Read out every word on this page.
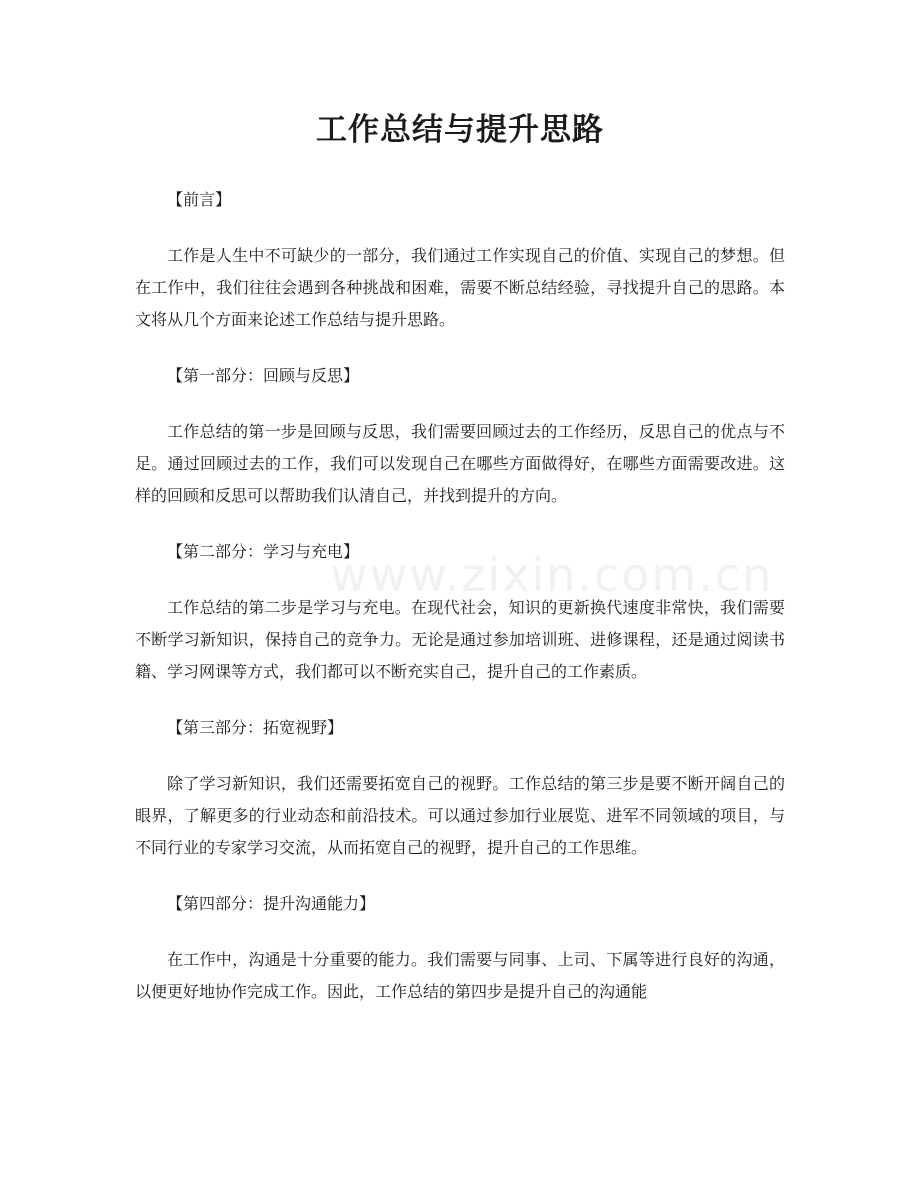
工作总结与提升思路
www.zixin.com.cn

【前言】

工作是人生中不可缺少的一部分，我们通过工作实现自己的价值、实现自己的梦想。但在工作中，我们往往会遇到各种挑战和困难，需要不断总结经验，寻找提升自己的思路。本文将从几个方面来论述工作总结与提升思路。

【第一部分：回顾与反思】

工作总结的第一步是回顾与反思，我们需要回顾过去的工作经历，反思自己的优点与不足。通过回顾过去的工作，我们可以发现自己在哪些方面做得好，在哪些方面需要改进。这样的回顾和反思可以帮助我们认清自己，并找到提升的方向。

【第二部分：学习与充电】

工作总结的第二步是学习与充电。在现代社会，知识的更新换代速度非常快，我们需要不断学习新知识，保持自己的竞争力。无论是通过参加培训班、进修课程，还是通过阅读书籍、学习网课等方式，我们都可以不断充实自己，提升自己的工作素质。

【第三部分：拓宽视野】

除了学习新知识，我们还需要拓宽自己的视野。工作总结的第三步是要不断开阔自己的眼界，了解更多的行业动态和前沿技术。可以通过参加行业展览、进军不同领域的项目，与不同行业的专家学习交流，从而拓宽自己的视野，提升自己的工作思维。

【第四部分：提升沟通能力】

在工作中，沟通是十分重要的能力。我们需要与同事、上司、下属等进行良好的沟通，以便更好地协作完成工作。因此，工作总结的第四步是提升自己的沟通能
